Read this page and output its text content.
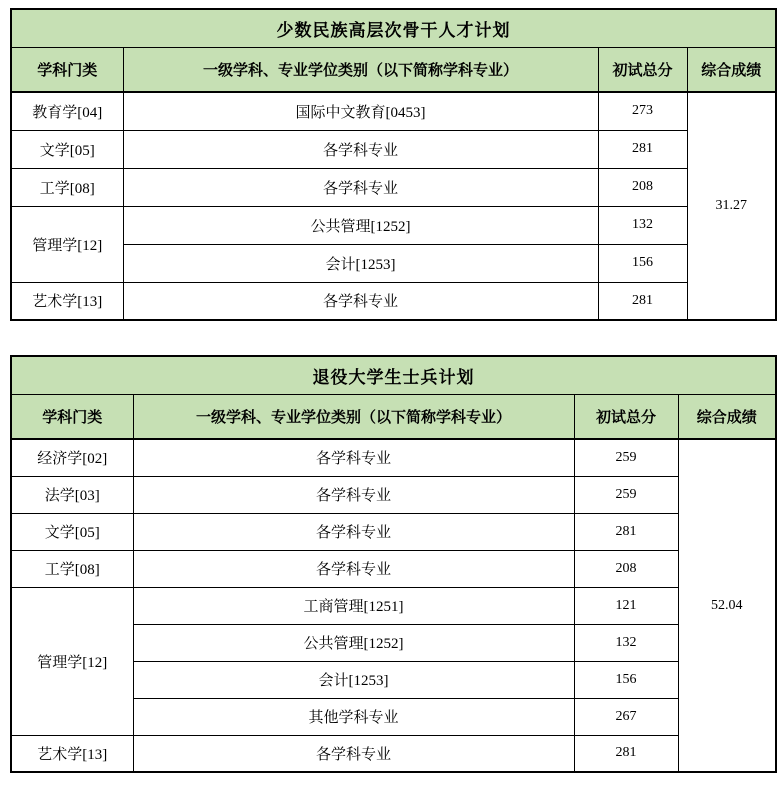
少数民族高层次骨干人才计划			
学科门类	一级学科、专业学位类别（以下简称学科专业）	初试总分	综合成绩
教育学[04]	国际中文教育[0453]	273	31.27
文学[05]	各学科专业	281	
工学[08]	各学科专业	208	
管理学[12]	公共管理[1252]	132	
	会计[1253]	156	
艺术学[13]	各学科专业	281	
退役大学生士兵计划			
学科门类	一级学科、专业学位类别（以下简称学科专业）	初试总分	综合成绩
经济学[02]	各学科专业	259	52.04
法学[03]	各学科专业	259	
文学[05]	各学科专业	281	
工学[08]	各学科专业	208	
管理学[12]	工商管理[1251]	121	
	公共管理[1252]	132	
	会计[1253]	156	
	其他学科专业	267	
艺术学[13]	各学科专业	281	
